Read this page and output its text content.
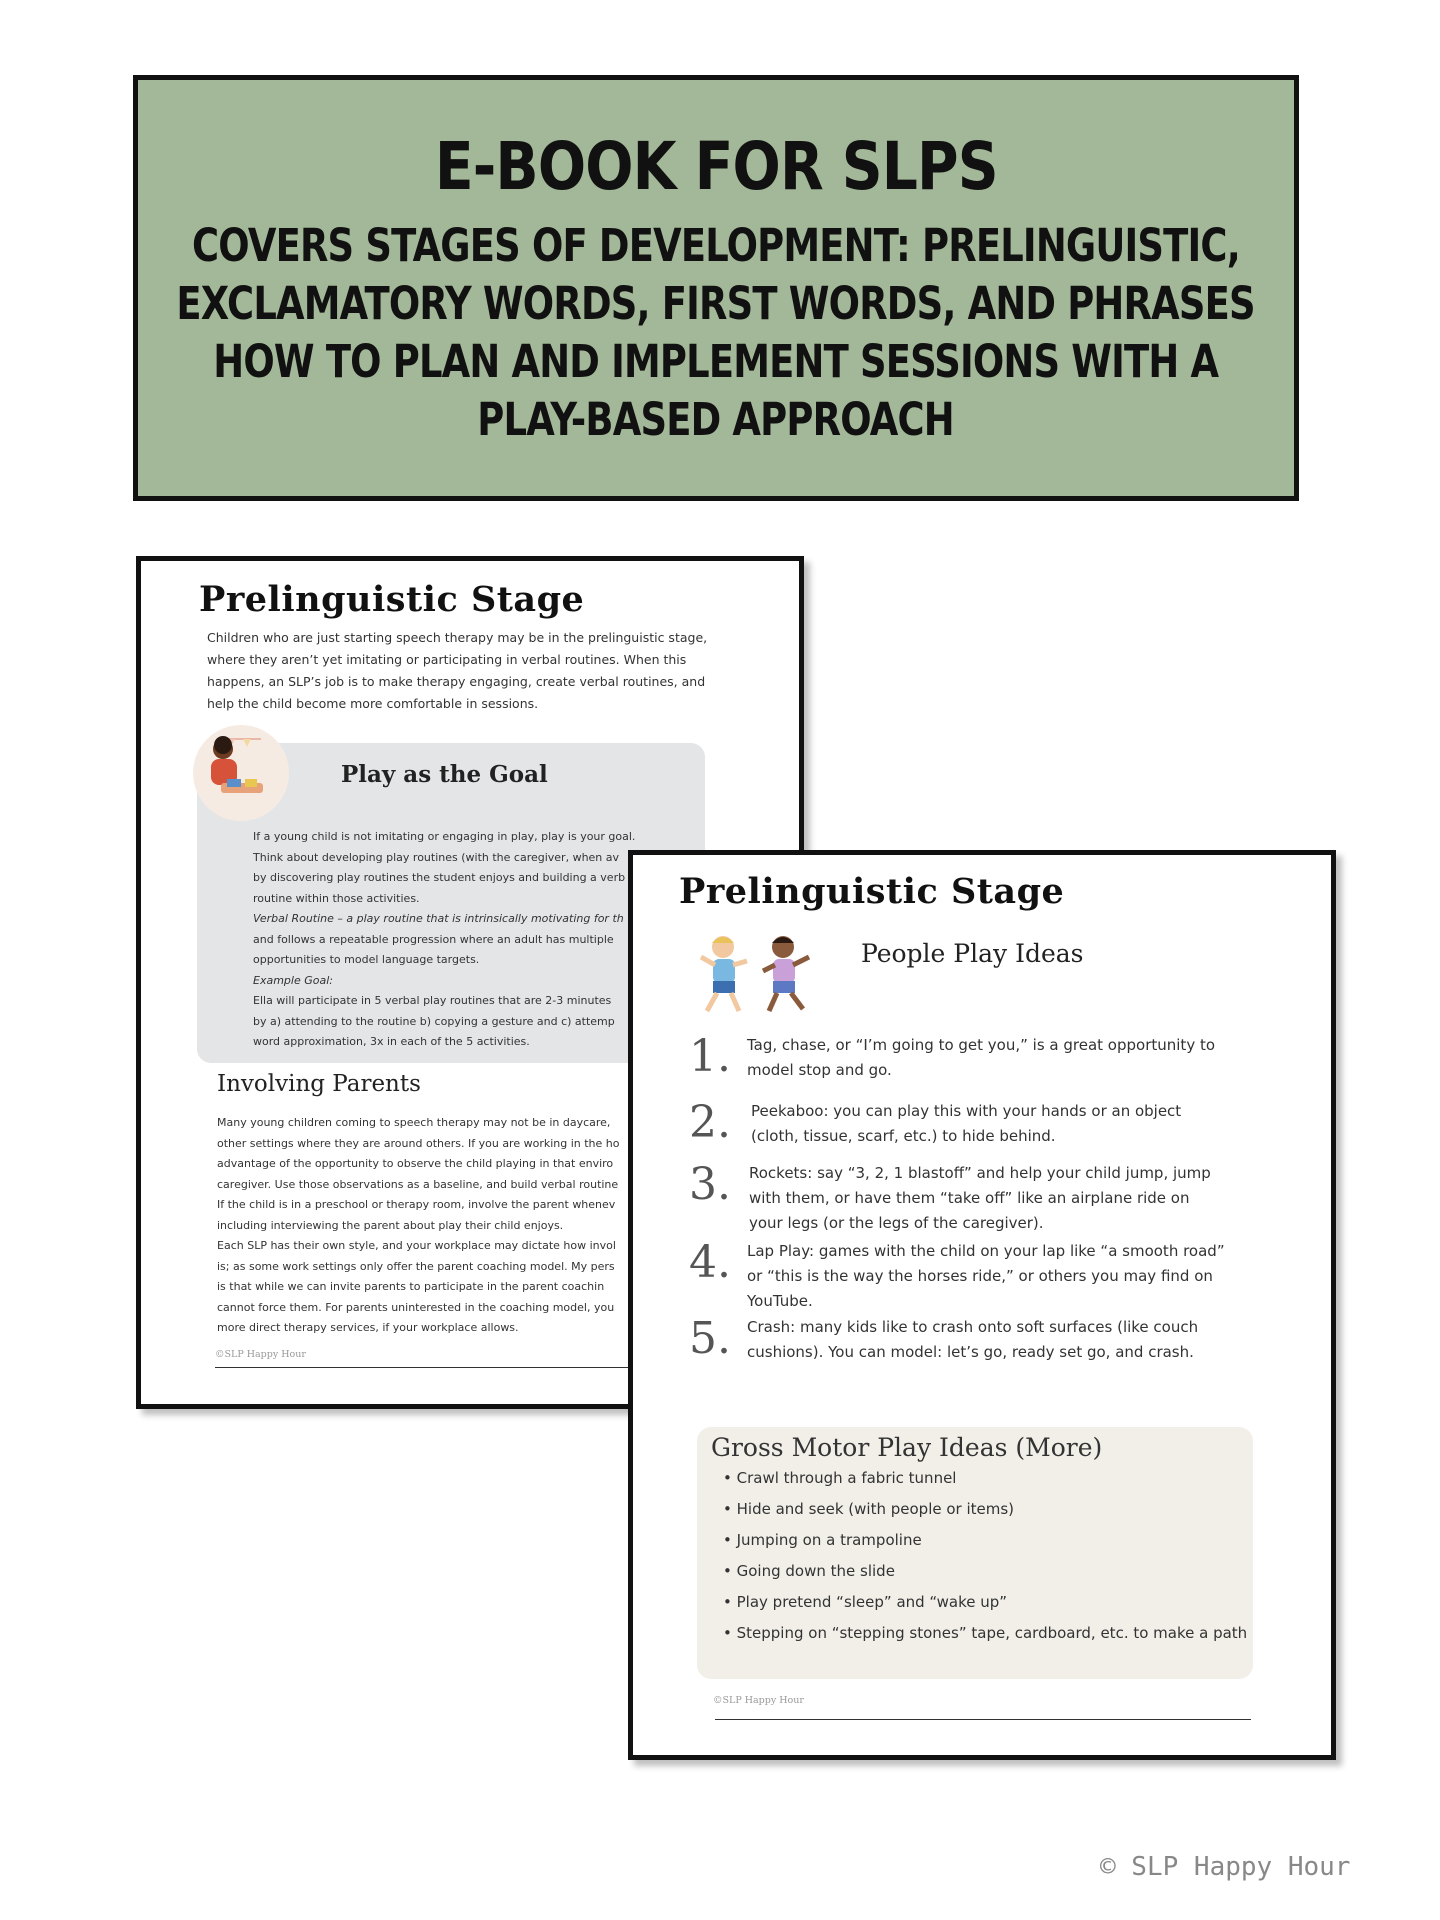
E-BOOK FOR SLPS
COVERS STAGES OF DEVELOPMENT: PRELINGUISTIC,
EXCLAMATORY WORDS, FIRST WORDS, AND PHRASES
HOW TO PLAN AND IMPLEMENT SESSIONS WITH A
PLAY-BASED APPROACH
Prelinguistic Stage
Children who are just starting speech therapy may be in the prelinguistic stage, where they aren’t yet imitating or participating in verbal routines. When this happens, an SLP’s job is to make therapy engaging, create verbal routines, and help the child become more comfortable in sessions.
Play as the Goal
If a young child is not imitating or engaging in play, play is your goal.
Think about developing play routines (with the caregiver, when av
by discovering play routines the student enjoys and building a verb
routine within those activities.
Verbal Routine – a play routine that is intrinsically motivating for th
and follows a repeatable progression where an adult has multiple
opportunities to model language targets.
Example Goal:
Ella will participate in 5 verbal play routines that are 2-3 minutes
by a) attending to the routine b) copying a gesture and c) attemp
word approximation, 3x in each of the 5 activities.
Involving Parents
Many young children coming to speech therapy may not be in daycare,
other settings where they are around others. If you are working in the ho
advantage of the opportunity to observe the child playing in that enviro
caregiver. Use those observations as a baseline, and build verbal routine
If the child is in a preschool or therapy room, involve the parent whenev
including interviewing the parent about play their child enjoys.
Each SLP has their own style, and your workplace may dictate how invol
is; as some work settings only offer the parent coaching model. My pers
is that while we can invite parents to participate in the parent coachin
cannot force them. For parents uninterested in the coaching model, you
more direct therapy services, if your workplace allows.
©SLP Happy Hour
Prelinguistic Stage
People Play Ideas
1. Tag, chase, or “I’m going to get you,” is a great opportunity to model stop and go.
2. Peekaboo: you can play this with your hands or an object (cloth, tissue, scarf, etc.) to hide behind.
3. Rockets: say “3, 2, 1 blastoff” and help your child jump, jump with them, or have them “take off” like an airplane ride on your legs (or the legs of the caregiver).
4. Lap Play: games with the child on your lap like “a smooth road” or “this is the way the horses ride,” or others you may find on YouTube.
5. Crash: many kids like to crash onto soft surfaces (like couch cushions). You can model: let’s go, ready set go, and crash.
Gross Motor Play Ideas (More)
• Crawl through a fabric tunnel
• Hide and seek (with people or items)
• Jumping on a trampoline
• Going down the slide
• Play pretend “sleep” and “wake up”
• Stepping on “stepping stones” tape, cardboard, etc. to make a path
©SLP Happy Hour
© SLP Happy Hour
